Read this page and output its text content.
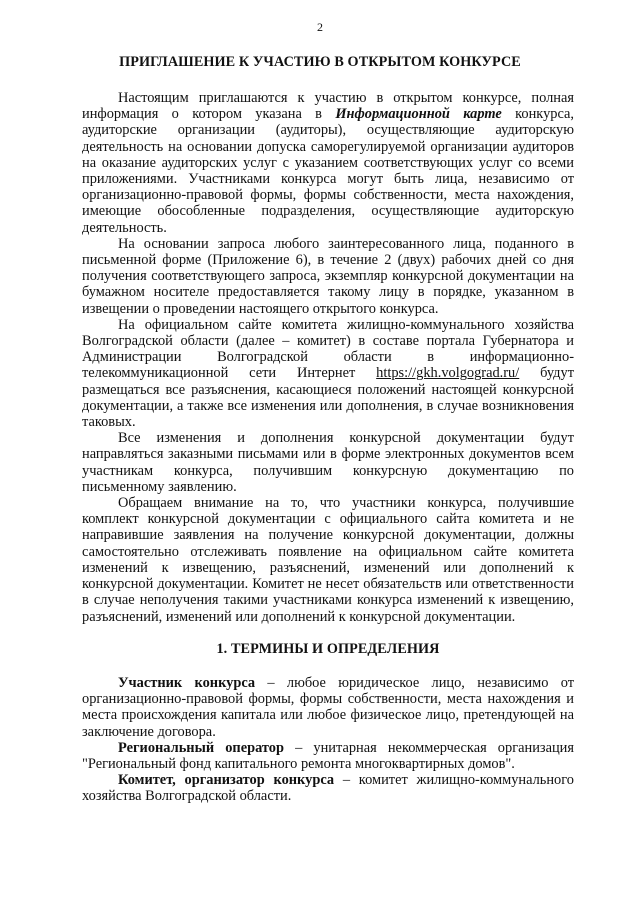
2
ПРИГЛАШЕНИЕ К УЧАСТИЮ В ОТКРЫТОМ КОНКУРСЕ

Настоящим приглашаются к участию в открытом конкурсе, полная информация о котором указана в Информационной карте конкурса, аудиторские организации (аудиторы), осуществляющие аудиторскую деятельность на основании допуска саморегулируемой организации аудиторов на оказание аудиторских услуг с указанием соответствующих услуг со всеми приложениями. Участниками конкурса могут быть лица, независимо от организационно-правовой формы, формы собственности, места нахождения, имеющие обособленные подразделения, осуществляющие аудиторскую деятельность.

На основании запроса любого заинтересованного лица, поданного в письменной форме (Приложение 6), в течение 2 (двух) рабочих дней со дня получения соответствующего запроса, экземпляр конкурсной документации на бумажном носителе предоставляется такому лицу в порядке, указанном в извещении о проведении настоящего открытого конкурса.

На официальном сайте комитета жилищно-коммунального хозяйства Волгоградской области (далее – комитет) в составе портала Губернатора и Администрации Волгоградской области в информационно-телекоммуникационной сети Интернет https://gkh.volgograd.ru/ будут размещаться все разъяснения, касающиеся положений настоящей конкурсной документации, а также все изменения или дополнения, в случае возникновения таковых.

Все изменения и дополнения конкурсной документации будут направляться заказными письмами или в форме электронных документов всем участникам конкурса, получившим конкурсную документацию по письменному заявлению.

Обращаем внимание на то, что участники конкурса, получившие комплект конкурсной документации с официального сайта комитета и не направившие заявления на получение конкурсной документации, должны самостоятельно отслеживать появление на официальном сайте комитета изменений к извещению, разъяснений, изменений или дополнений к конкурсной документации. Комитет не несет обязательств или ответственности в случае неполучения такими участниками конкурса изменений к извещению, разъяснений, изменений или дополнений к конкурсной документации.

1. ТЕРМИНЫ И ОПРЕДЕЛЕНИЯ

Участник конкурса – любое юридическое лицо, независимо от организационно-правовой формы, формы собственности, места нахождения и места происхождения капитала или любое физическое лицо, претендующей на заключение договора.

Региональный оператор – унитарная некоммерческая организация "Региональный фонд капитального ремонта многоквартирных домов".

Комитет, организатор конкурса – комитет жилищно-коммунального хозяйства Волгоградской области.
